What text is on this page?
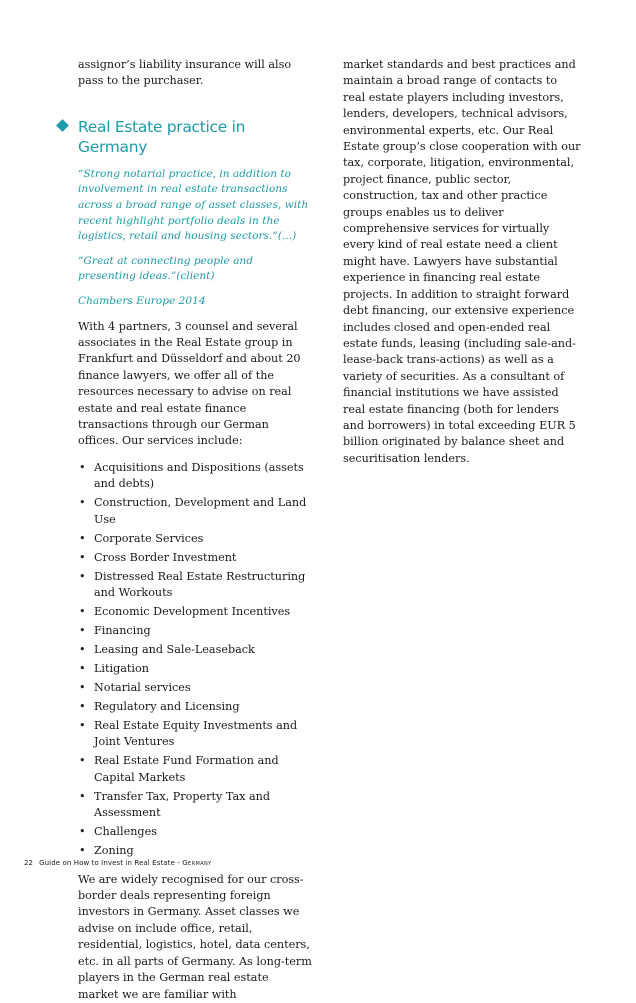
assignor’s liability insurance will also pass to the purchaser.

Real Estate practice in Germany

“Strong notarial practice, in addition to involvement in real estate transactions across a broad range of asset classes, with recent highlight portfolio deals in the logistics, retail and housing sectors.”(...)

“Great at connecting people and presenting ideas.”(client)

Chambers Europe 2014

With 4 partners, 3 counsel and several associates in the Real Estate group in Frankfurt and Düsseldorf and about 20 finance lawyers, we offer all of the resources necessary to advise on real estate and real estate finance transactions through our German offices. Our services include:

• Acquisitions and Dispositions (assets and debts)
• Construction, Development and Land Use
• Corporate Services
• Cross Border Investment
• Distressed Real Estate Restructuring and Workouts
• Economic Development Incentives
• Financing
• Leasing and Sale-Leaseback
• Litigation
• Notarial services
• Regulatory and Licensing
• Real Estate Equity Investments and Joint Ventures
• Real Estate Fund Formation and Capital Markets
• Transfer Tax, Property Tax and Assessment
• Challenges
• Zoning

We are widely recognised for our cross-border deals representing foreign investors in Germany. Asset classes we advise on include office, retail, residential, logistics, hotel, data centers, etc. in all parts of Germany. As long-term players in the German real estate market we are familiar with

market standards and best practices and maintain a broad range of contacts to real estate players including investors, lenders, developers, technical advisors, environmental experts, etc. Our Real Estate group’s close cooperation with our tax, corporate, litigation, environmental, project finance, public sector, construction, tax and other practice groups enables us to deliver comprehensive services for virtually every kind of real estate need a client might have. Lawyers have substantial experience in financing real estate projects. In addition to straight forward debt financing, our extensive experience includes closed and open-ended real estate funds, leasing (including sale-and-lease-back trans-actions) as well as a variety of securities. As a consultant of financial institutions we have assisted real estate financing (both for lenders and borrowers) in total exceeding EUR 5 billion originated by balance sheet and securitisation lenders.

22 Guide on How to Invest in Real Estate - Germany
